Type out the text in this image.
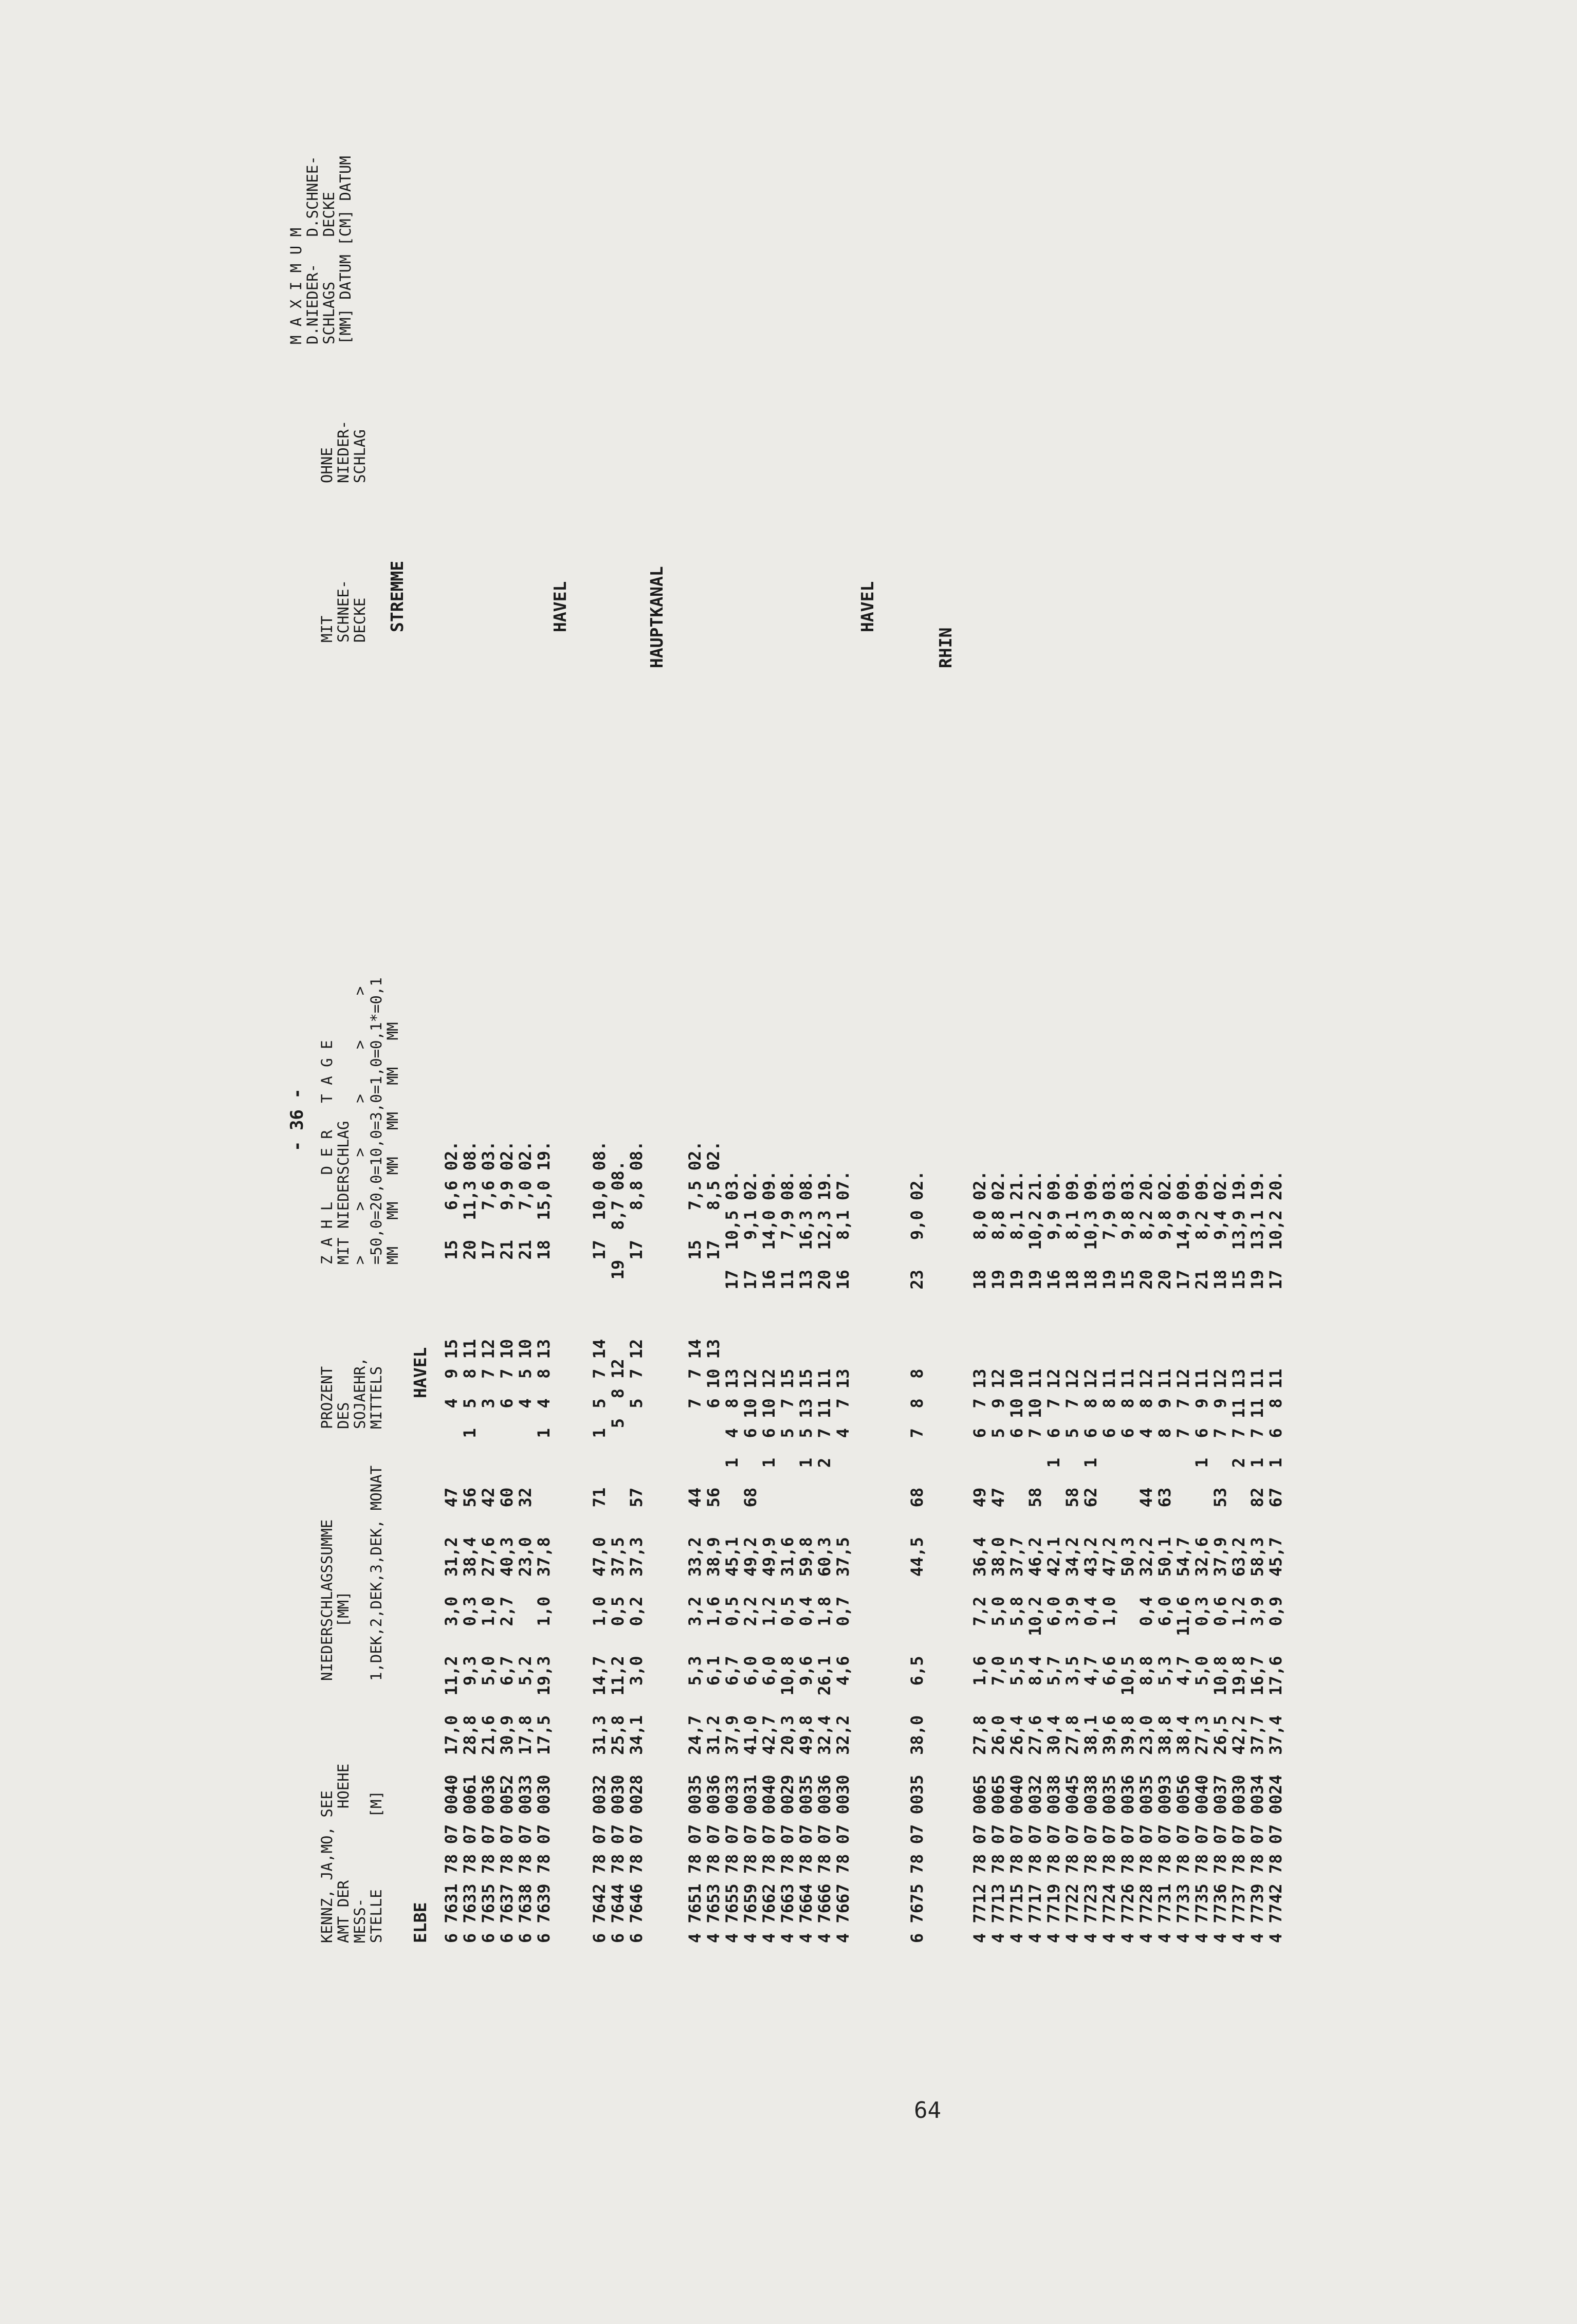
- 36 -
KENNZ, JA,MO, SEE
AMT DER        HOEHE
MESS-
STELLE        [M]
NIEDERSCHLAGSSUMME
[MM]

1,DEK,2,DEK,3,DEK, MONAT
PROZENT
DES
SOJAEHR,
MITTELS
Z A H L   D E R   T A G E
MIT NIEDERSCHLAG
>     >     >     >     >     >
=50,0=20,0=10,0=3,0=1,0=0,1*=0,1
MM   MM   MM   MM   MM   MM
MIT
SCHNEE-
DECKE
OHNE
NIEDER-
SCHLAG
M A X I M U M
D.NIEDER-   D.SCHNEE-
SCHLAGS     DECKE
[MM] DATUM [CM] DATUM
ELBE
STREMME
HAVEL 6 7631 78 07 0040  17,0  11,2   3,0  31,2   47        4  9 15        15   6,6 02.
6 7633 78 07 0061  28,8   9,3   0,3  38,4   56     1  5  8 11        20  11,3 08.
6 7635 78 07 0036  21,6   5,0   1,0  27,6   42        3  7 12        17   7,6 03.
6 7637 78 07 0052  30,9   6,7   2,7  40,3   60        6  7 10        21   9,9 02.
6 7638 78 07 0033  17,8   5,2        23,0   32        4  5 10        21   7,0 02.
6 7639 78 07 0030  17,5  19,3   1,0  37,8          1  4  8 13        18  15,0 19.
HAVEL
6 7642 78 07 0032  31,3  14,7   1,0  47,0   71     1  5  7 14        17  10,0 08.
6 7644 78 07 0030  25,8  11,2   0,5  37,5           5  8 12        19   8,7 08.
6 7646 78 07 0028  34,1   3,0   0,2  37,3   57        5  7 12        17   8,8 08.
HAUPTKANAL
4 7651 78 07 0035  24,7   5,3   3,2  33,2   44        7  7 14        15   7,5 02.
4 7653 78 07 0036  31,2   6,1   1,6  38,9   56        6 10 13        17   8,5 02.
4 7655 78 07 0033  37,9   6,7   0,5  45,1       1  4  8 13        17  10,5 03.
4 7659 78 07 0031  41,0   6,0   2,2  49,2   68     6 10 12        17   9,1 02.
4 7662 78 07 0040  42,7   6,0   1,2  49,9       1  6 10 12        16  14,0 09.
4 7663 78 07 0029  20,3  10,8   0,5  31,6          5  7 15        11   7,9 08.
4 7664 78 07 0035  49,8   9,6   0,4  59,8       1  5 13 15        13  16,3 08.
4 7666 78 07 0036  32,4  26,1   1,8  60,3       2  7 11 11        20  12,3 19.
4 7667 78 07 0030  32,2   4,6   0,7  37,5          4  7 13        16   8,1 07.
HAVEL
6 7675 78 07 0035  38,0   6,5        44,5   68     7  8  8        23   9,0 02.
RHIN
4 7712 78 07 0065  27,8   1,6   7,2  36,4   49     6  7 13        18   8,0 02.
4 7713 78 07 0065  26,0   7,0   5,0  38,0   47     5  9 12        19   8,8 02.
4 7715 78 07 0040  26,4   5,5   5,8  37,7          6 10 10        19   8,1 21.
4 7717 78 07 0032  27,6   8,4  10,2  46,2   58     7 10 11        19  10,2 21.
4 7719 78 07 0038  30,4   5,7   6,0  42,1       1  6  7 12        16   9,9 09.
4 7722 78 07 0045  27,8   3,5   3,9  34,2   58     5  7 12        18   8,1 09.
4 7723 78 07 0038  38,1   4,7   0,4  43,2   62  1  6  8 12        18  10,3 09.
4 7724 78 07 0035  39,6   6,6   1,0  47,2          6  8 11        19   7,9 03.
4 7726 78 07 0036  39,8  10,5        50,3          6  8 11        15   9,8 03.
4 7728 78 07 0035  23,0   8,8   0,4  32,2   44     4  8 12        20   8,2 20.
4 7731 78 07 0093  38,8   5,3   6,0  50,1   63     8  9 11        20   9,8 02.
4 7733 78 07 0056  38,4   4,7  11,6  54,7          7  7 12        17  14,9 09.
4 7735 78 07 0040  27,3   5,0   0,3  32,6       1  6  9 11        21   8,2 09.
4 7736 78 07 0037  26,5  10,8   0,6  37,9   53     7  9 12        18   9,4 02.
4 7737 78 07 0030  42,2  19,8   1,2  63,2       2  7 11 13        15  13,9 19.
4 7739 78 07 0034  37,7  16,7   3,9  58,3   82  1  7 11 11        19  13,1 19.
4 7742 78 07 0024  37,4  17,6   0,9  45,7   67  1  6  8 11        17  10,2 20.
64
